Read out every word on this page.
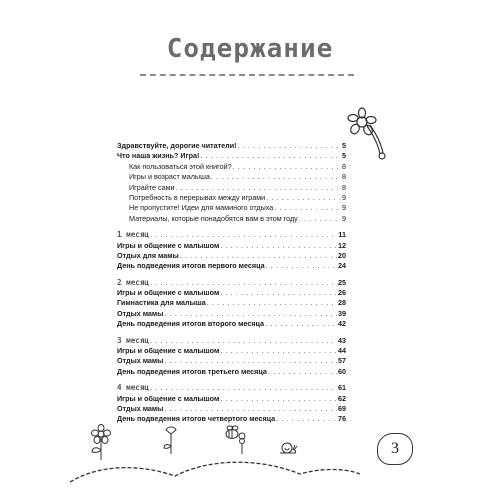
Содержание
Здравствуйте, дорогие читатели! . . .	5
Что наша жизнь? Игра! . . .	5
Как пользоваться этой книгой? . . .	8
Игры и возраст малыша . . .	8
Играйте сами . . .	8
Потребность в перерывах между играми . . .	9
Не пропустите! Идеи для маминого отдыха . . .	9
Материалы, которые понадобятся вам в этом году . . .	9
1 месяц . . .	11
Игры и общение с малышом . . .	12
Отдых для мамы . . .	20
День подведения итогов первого месяца . . .	24
2 месяц . . .	25
Игры и общение с малышом . . .	26
Гимнастика для малыша . . .	28
Отдых мамы . . .	39
День подведения итогов второго месяца . . .	42
3 месяц . . .	43
Игры и общение с малышом . . .	44
Отдых мамы . . .	57
День подведения итогов третьего месяца . . .	60
4 месяц . . .	61
Игры и общение с малышом . . .	62
Отдых мамы . . .	69
День подведения итогов четвертого месяца . . .	76
3
